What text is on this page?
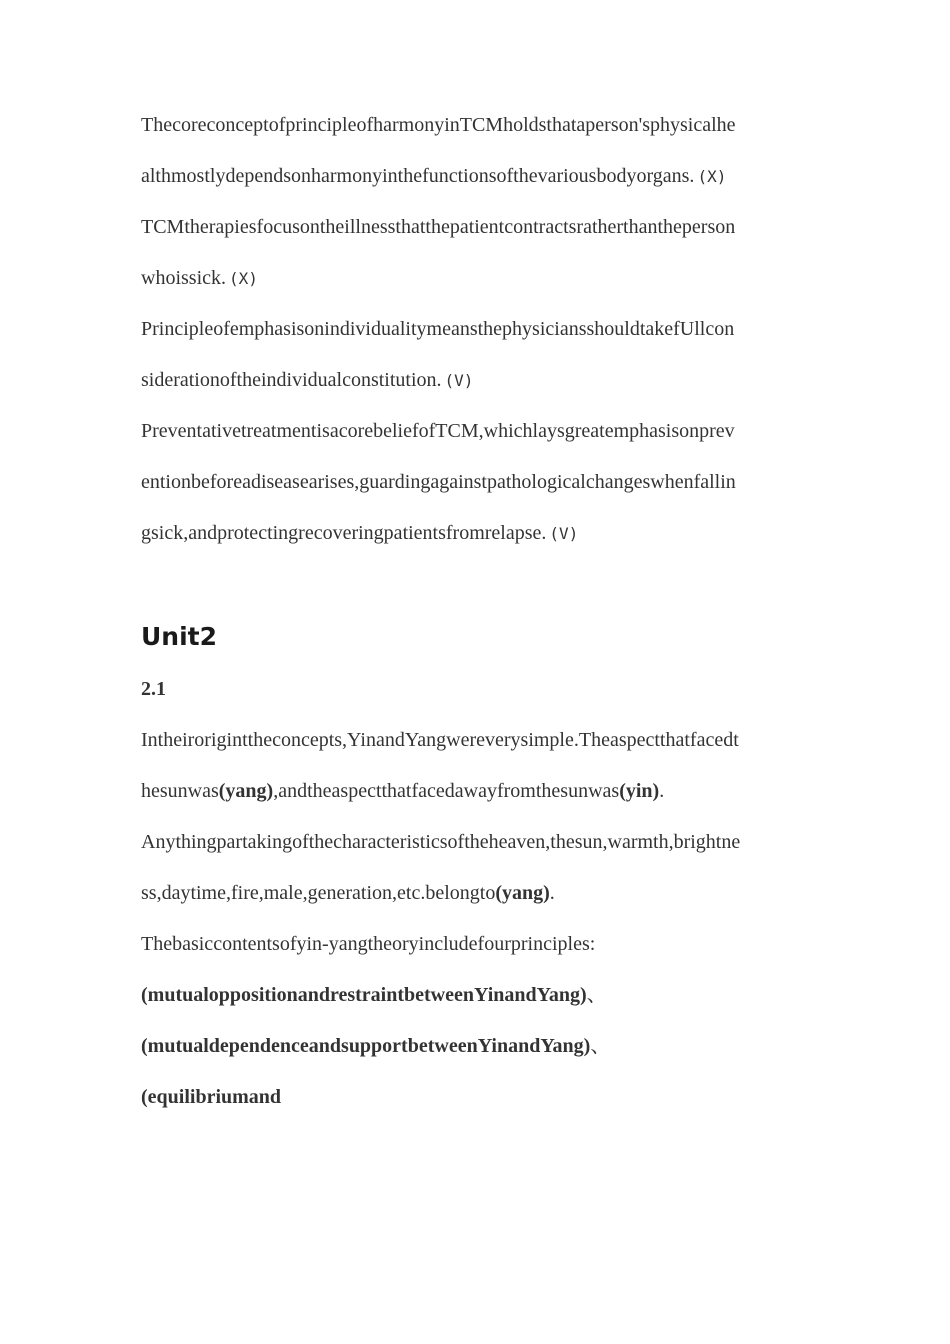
ThecoreconceptofprincipleofharmonyinTCMholdsthataperson'sphysicalhe
althmostlydependsonharmonyinthefunctionsofthevariousbodyorgans. (X)
TCMtherapiesfocusontheillnessthatthepatientcontractsratherthantheperson
whoissick. (X)
PrincipleofemphasisonindividualitymeansthephysiciansshouldtakefUllcon
siderationoftheindividualconstitution. (V)
PreventativetreatmentisacorebeliefofTCM,whichlaysgreatemphasisonprev
entionbeforeadiseasearises,guardingagainstpathologicalchangeswhenfallin
gsick,andprotectingrecoveringpatientsfromrelapse. (V)
Unit2
2.1
Intheiroriginttheconcepts,YinandYangwereverysimple.Theaspectthatfacedt
hesunwas(yang),andtheaspectthatfacedawayfromthesunwas(yin).
Anythingpartakingofthecharacteristicsoftheheaven,thesun,warmth,brightne
ss,daytime,fire,male,generation,etc.belongto(yang).
Thebasiccontentsofyin-yangtheoryincludefourprinciples:
(mutualoppositionandrestraintbetweenYinandYang)、
(mutualdependenceandsupportbetweenYinandYang)、
(equilibriumand
